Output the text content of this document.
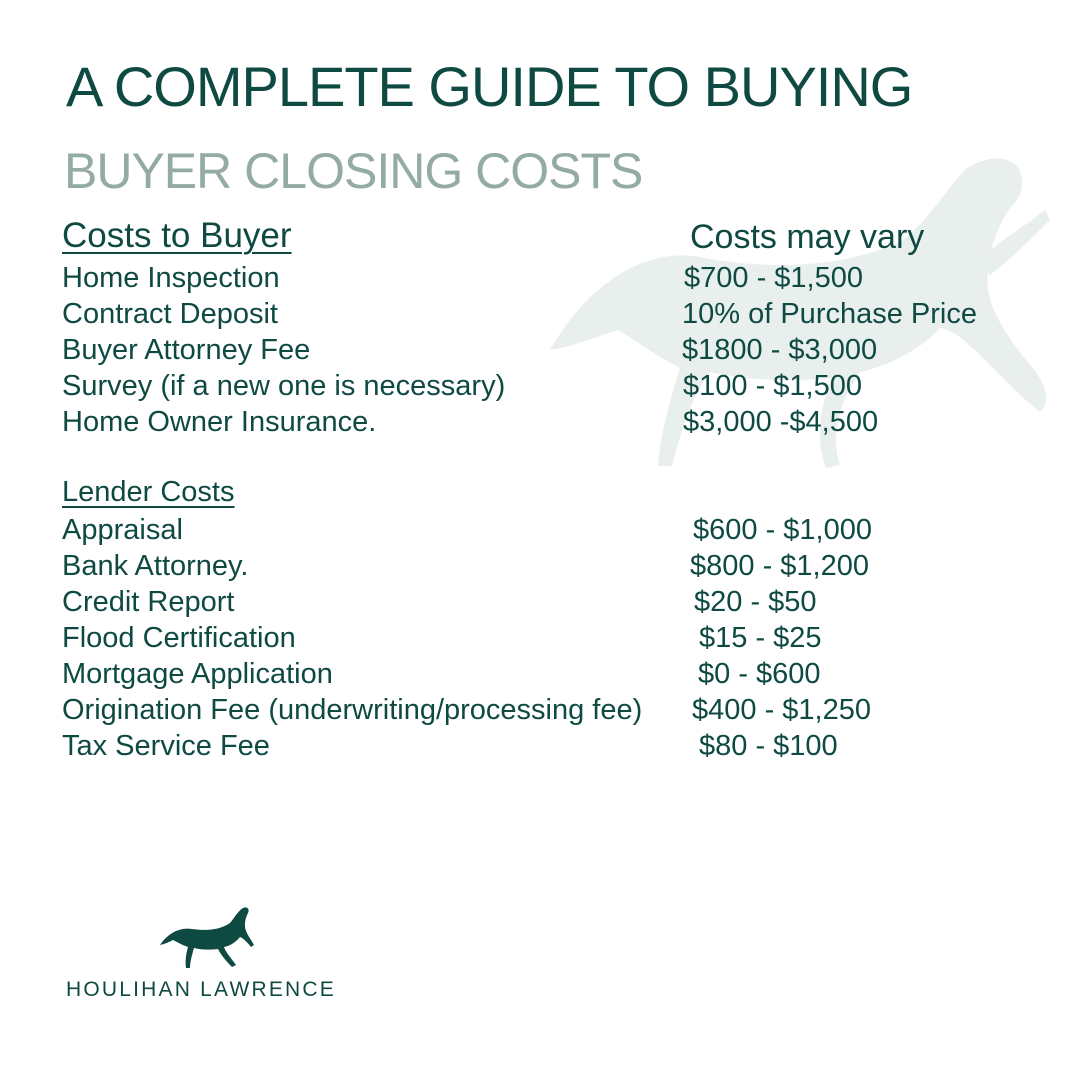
A COMPLETE GUIDE TO BUYING
BUYER CLOSING COSTS
Costs to Buyer	Costs may vary
Home Inspection	$700 - $1,500
Contract Deposit	10% of Purchase Price
Buyer Attorney Fee	$1800 - $3,000
Survey (if a new one is necessary)	$100 - $1,500
Home Owner Insurance.	$3,000 -$4,500
Lender Costs
Appraisal	$600 - $1,000
Bank Attorney.	$800 - $1,200
Credit Report	$20 - $50
Flood Certification	$15 - $25
Mortgage Application	$0 - $600
Origination Fee (underwriting/processing fee) $400 - $1,250
Tax Service Fee	$80 - $100
HOULIHAN LAWRENCE
